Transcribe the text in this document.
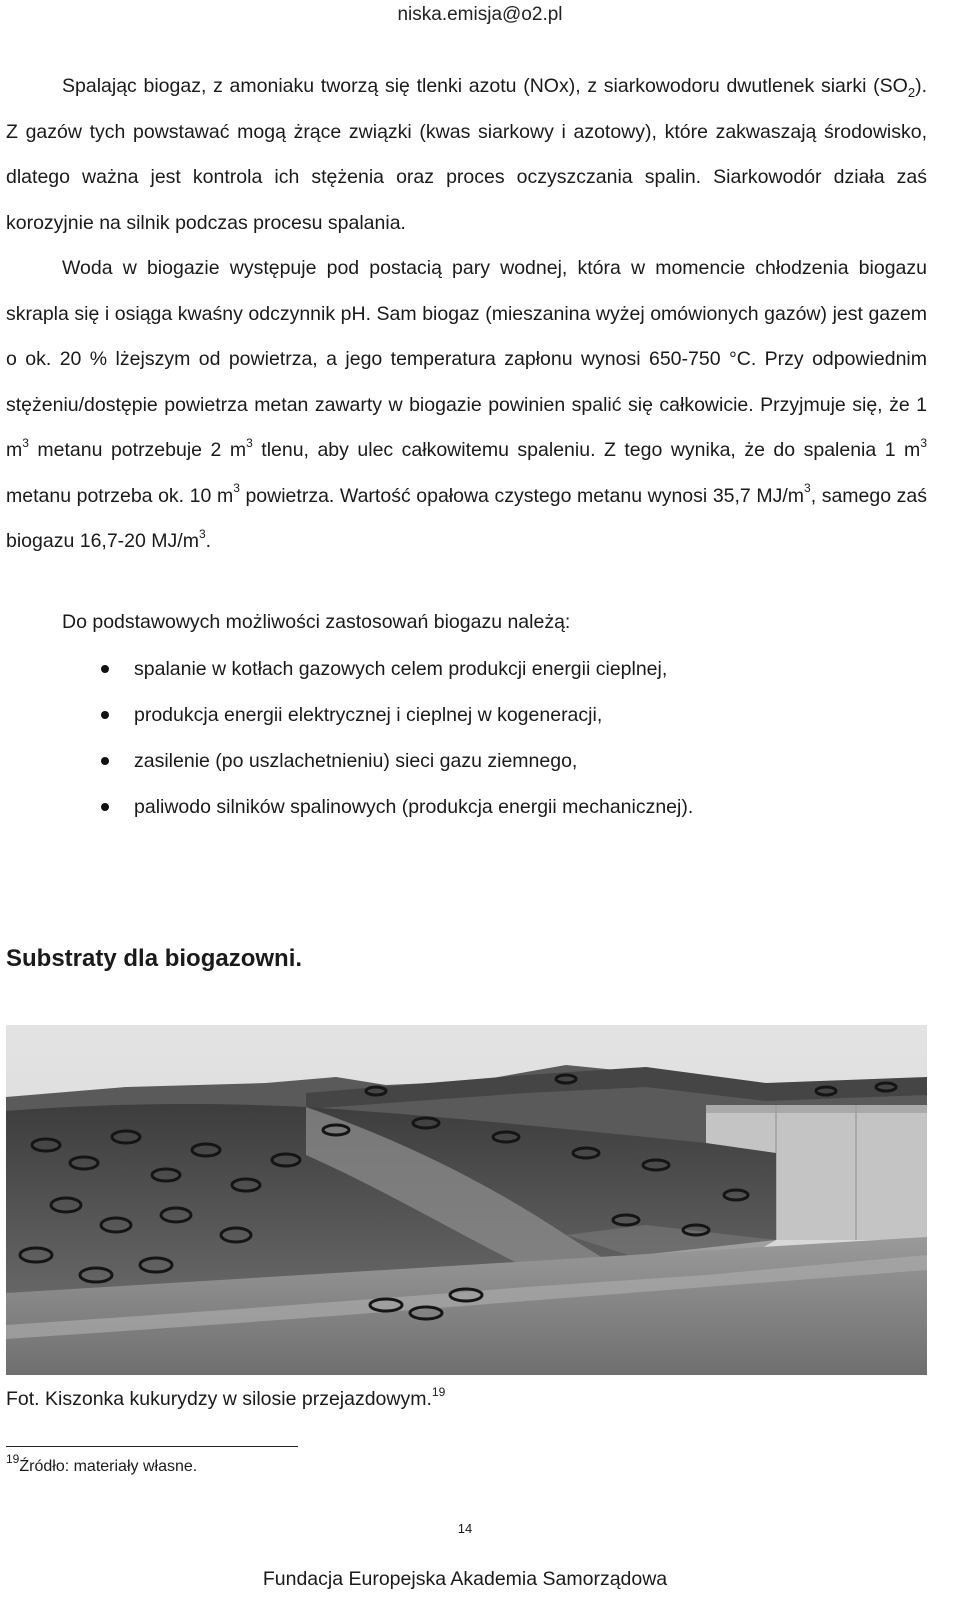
niska.emisja@o2.pl

Spalając biogaz, z amoniaku tworzą się tlenki azotu (NOx), z siarkowodoru dwutlenek siarki $(SO_2)$. Z gazów tych powstawać mogą żrące związki (kwas siarkowy i azotowy), które zakwaszają środowisko, dlatego ważna jest kontrola ich stężenia oraz proces oczyszczania spalin. Siarkowodór działa zaś korozyjnie na silnik podczas procesu spalania.

Woda w biogazie występuje pod postacią pary wodnej, która w momencie chłodzenia biogazu skrapla się i osiąga kwaśny odczynnik pH. Sam biogaz (mieszanina wyżej omówionych gazów) jest gazem o ok. 20 % lżejszym od powietrza, a jego temperatura zapłonu wynosi 650-750 °C. Przy odpowiednim stężeniu/dostępie powietrza metan zawarty w biogazie powinien spalić się całkowicie. Przyjmuje się, że 1 $m^3$ metanu potrzebuje 2 $m^3$ tlenu, aby ulec całkowitemu spaleniu. Z tego wynika, że do spalenia 1 $m^3$ metanu potrzeba ok. 10 $m^3$ powietrza. Wartość opałowa czystego metanu wynosi 35,7 $MJ/m^3$, samego zaś biogazu 16,7-20 $MJ/m^3$.

Do podstawowych możliwości zastosowań biogazu należą:

spalanie w kotłach gazowych celem produkcji energii cieplnej,
produkcja energii elektrycznej i cieplnej w kogeneracji,
zasilenie (po uszlachetnieniu) sieci gazu ziemnego,
paliwodo silników spalinowych (produkcja energii mechanicznej).
Substraty dla biogazowni.
Fot. Kiszonka kukurydzy w silosie przejazdowym.$^{19}$
$^{19}$Źródło: materiały własne.
14
Fundacja Europejska Akademia Samorządowa
